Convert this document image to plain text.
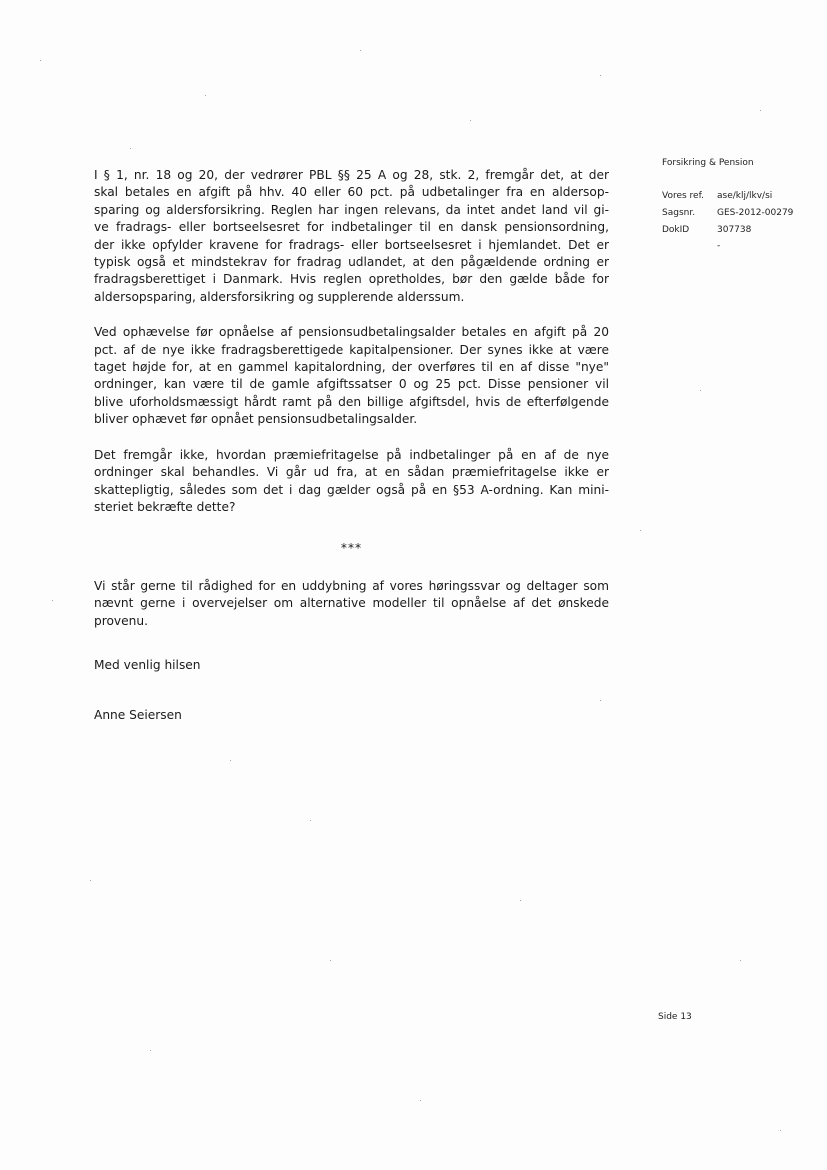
Forsikring & Pension
Vores ref.	ase/klj/lkv/si
Sagsnr.	GES-2012-00279
DokID	307738
-
I § 1, nr. 18 og 20, der vedrører PBL §§ 25 A og 28, stk. 2, fremgår det, at der
skal betales en afgift på hhv. 40 eller 60 pct. på udbetalinger fra en aldersop-
sparing og aldersforsikring. Reglen har ingen relevans, da intet andet land vil gi-
ve fradrags- eller bortseelsesret for indbetalinger til en dansk pensionsordning,
der ikke opfylder kravene for fradrags- eller bortseelsesret i hjemlandet. Det er
typisk også et mindstekrav for fradrag udlandet, at den pågældende ordning er
fradragsberettiget i Danmark. Hvis reglen opretholdes, bør den gælde både for
aldersopsparing, aldersforsikring og supplerende alderssum.
Ved ophævelse før opnåelse af pensionsudbetalingsalder betales en afgift på 20
pct. af de nye ikke fradragsberettigede kapitalpensioner. Der synes ikke at være
taget højde for, at en gammel kapitalordning, der overføres til en af disse "nye"
ordninger, kan være til de gamle afgiftssatser 0 og 25 pct. Disse pensioner vil
blive uforholdsmæssigt hårdt ramt på den billige afgiftsdel, hvis de efterfølgende
bliver ophævet før opnået pensionsudbetalingsalder.
Det fremgår ikke, hvordan præmiefritagelse på indbetalinger på en af de nye
ordninger skal behandles. Vi går ud fra, at en sådan præmiefritagelse ikke er
skattepligtig, således som det i dag gælder også på en §53 A-ordning. Kan mini-
steriet bekræfte dette?
***
Vi står gerne til rådighed for en uddybning af vores høringssvar og deltager som
nævnt gerne i overvejelser om alternative modeller til opnåelse af det ønskede
provenu.

Med venlig hilsen

Anne Seiersen

Side 13
